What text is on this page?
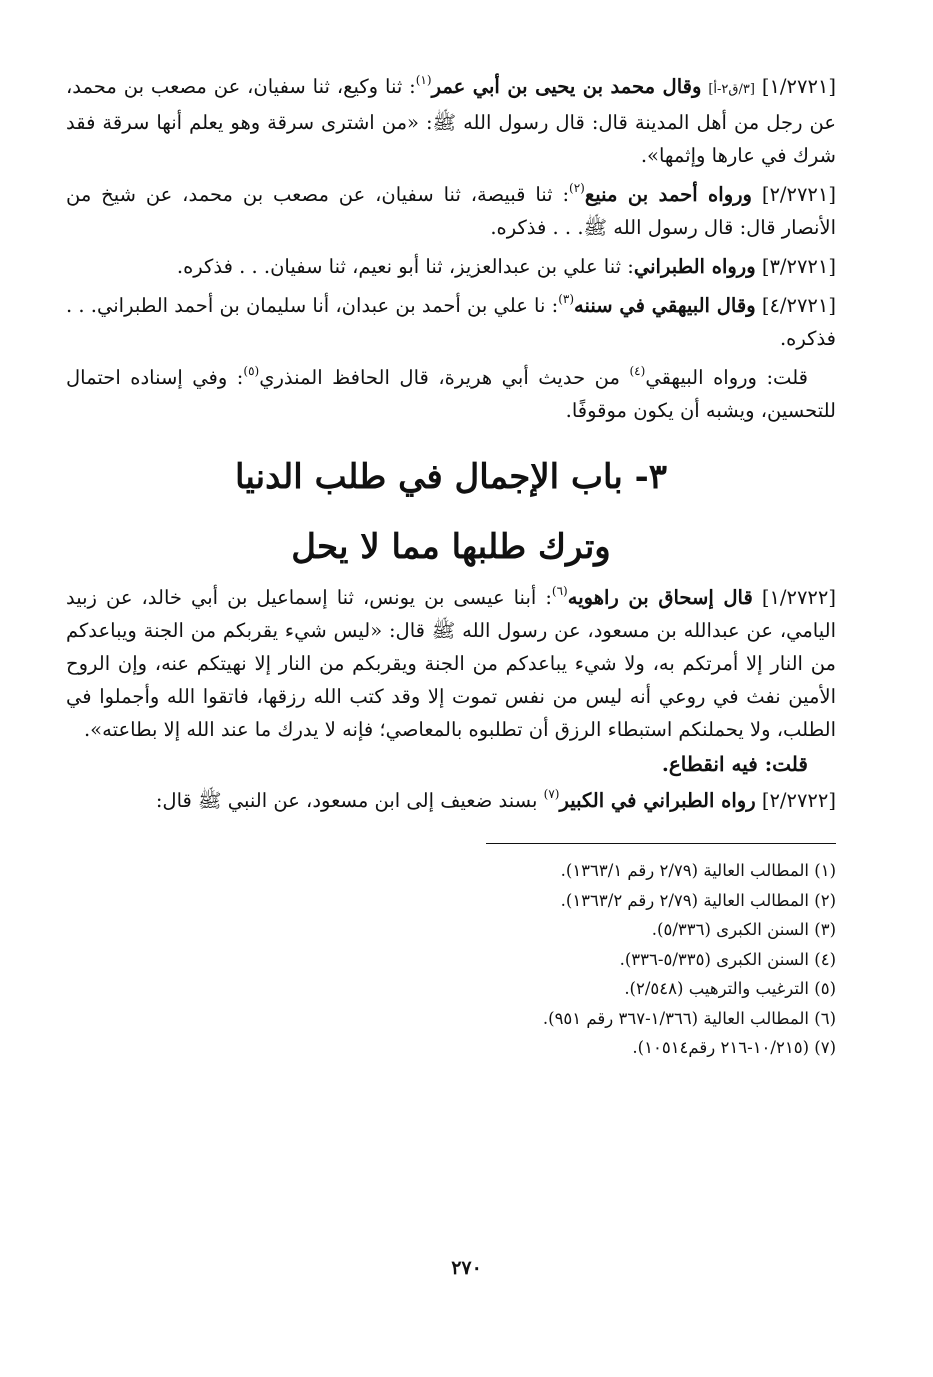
[١/٢٧٢١] [٣/ق٢-أ] وقال محمد بن يحيى بن أبي عمر$^{(١)}$: ثنا وكيع، ثنا سفيان، عن مصعب بن محمد، عن رجل من أهل المدينة قال: قال رسول الله ﷺ: «من اشترى سرقة وهو يعلم أنها سرقة فقد شرك في عارها وإثمها».

[٢/٢٧٢١] ورواه أحمد بن منيع$^{(٢)}$: ثنا قبيصة، ثنا سفيان، عن مصعب بن محمد، عن شيخ من الأنصار قال: قال رسول الله ﷺ. . . فذكره.

[٣/٢٧٢١] ورواه الطبراني: ثنا علي بن عبدالعزيز، ثنا أبو نعيم، ثنا سفيان. . . فذكره.

[٤/٢٧٢١] وقال البيهقي في سننه$^{(٣)}$: نا علي بن أحمد بن عبدان، أنا سليمان بن أحمد الطبراني. . . فذكره.

قلت: ورواه البيهقي$^{(٤)}$ من حديث أبي هريرة، قال الحافظ المنذري$^{(٥)}$: وفي إسناده احتمال للتحسين، ويشبه أن يكون موقوفًا.

٣- باب الإجمال في طلب الدنيا
وترك طلبها مما لا يحل

[١/٢٧٢٢] قال إسحاق بن راهويه$^{(٦)}$: أبنا عيسى بن يونس، ثنا إسماعيل بن أبي خالد، عن زبيد اليامي، عن عبدالله بن مسعود، عن رسول الله ﷺ قال: «ليس شيء يقربكم من الجنة ويباعدكم من النار إلا أمرتكم به، ولا شيء يباعدكم من الجنة ويقربكم من النار إلا نهيتكم عنه، وإن الروح الأمين نفث في روعي أنه ليس من نفس تموت إلا وقد كتب الله رزقها، فاتقوا الله وأجملوا في الطلب، ولا يحملنكم استبطاء الرزق أن تطلبوه بالمعاصي؛ فإنه لا يدرك ما عند الله إلا بطاعته».

قلت: فيه انقطاع.

[٢/٢٧٢٢] رواه الطبراني في الكبير$^{(٧)}$ بسند ضعيف إلى ابن مسعود، عن النبي ﷺ قال:

(١) المطالب العالية (٢/٧٩ رقم ١٣٦٣/١).
(٢) المطالب العالية (٢/٧٩ رقم ١٣٦٣/٢).
(٣) السنن الكبرى (٥/٣٣٦).
(٤) السنن الكبرى (٥/٣٣٥-٣٣٦).
(٥) الترغيب والترهيب (٢/٥٤٨).
(٦) المطالب العالية (١/٣٦٦-٣٦٧ رقم ٩٥١).
(٧) (١٠/٢١٥-٢١٦ رقم١٠٥١٤).
٢٧٠
